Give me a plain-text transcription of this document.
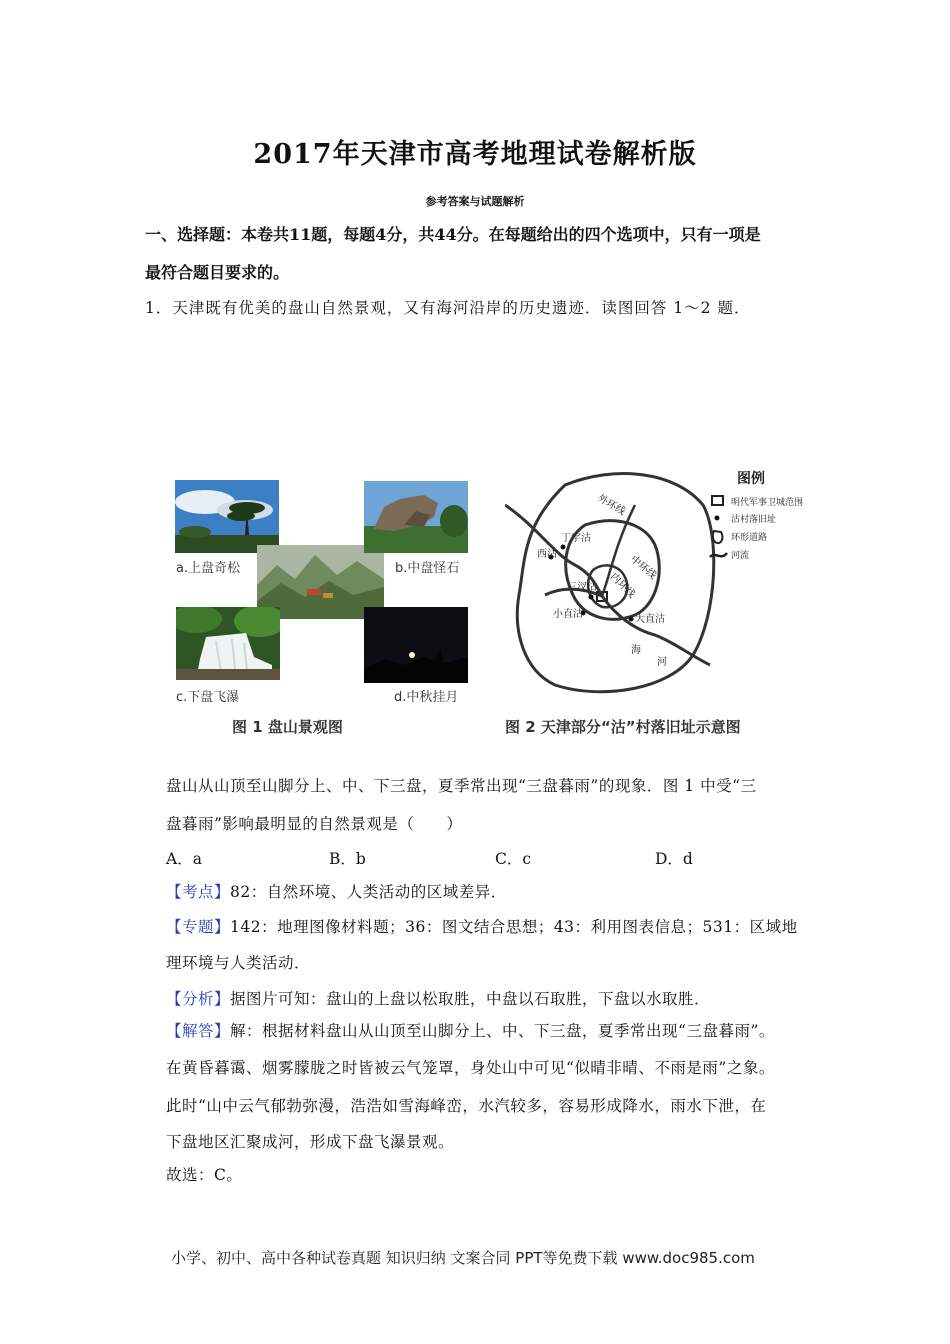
2017年天津市高考地理试卷解析版
参考答案与试题解析
一、选择题：本卷共11题，每题4分，共44分。在每题给出的四个选项中，只有一项是
最符合题目要求的。
1．天津既有优美的盘山自然景观，又有海河沿岸的历史遗迹．读图回答 1～2 题．
a.上盘奇松	b.中盘怪石
c.下盘飞瀑	d.中秋挂月
图 1 盘山景观图
外环线
中环线
内环线
丁字沽
西沽
三汊沽
小直沽	大直沽
海
河
图例
明代军事卫城范围
沽村落旧址
环形道路
河流
图 2 天津部分“沽”村落旧址示意图
盘山从山顶至山脚分上、中、下三盘，夏季常出现“三盘暮雨”的现象．图 1 中受“三
盘暮雨”影响最明显的自然景观是（　　）
A．a	B．b	C．c	D．d
【考点】82：自然环境、人类活动的区域差异．
【专题】142：地理图像材料题；36：图文结合思想；43：利用图表信息；531：区域地
理环境与人类活动．
【分析】据图片可知：盘山的上盘以松取胜，中盘以石取胜，下盘以水取胜．
【解答】解：根据材料盘山从山顶至山脚分上、中、下三盘，夏季常出现“三盘暮雨”。
在黄昏暮霭、烟雾朦胧之时皆被云气笼罩，身处山中可见“似晴非晴、不雨是雨”之象。
此时“山中云气郁勃弥漫，浩浩如雪海峰峦，水汽较多，容易形成降水，雨水下泄，在
下盘地区汇聚成河，形成下盘飞瀑景观。
故选：C。
小学、初中、高中各种试卷真题 知识归纳 文案合同 PPT等免费下载 www.doc985.com
